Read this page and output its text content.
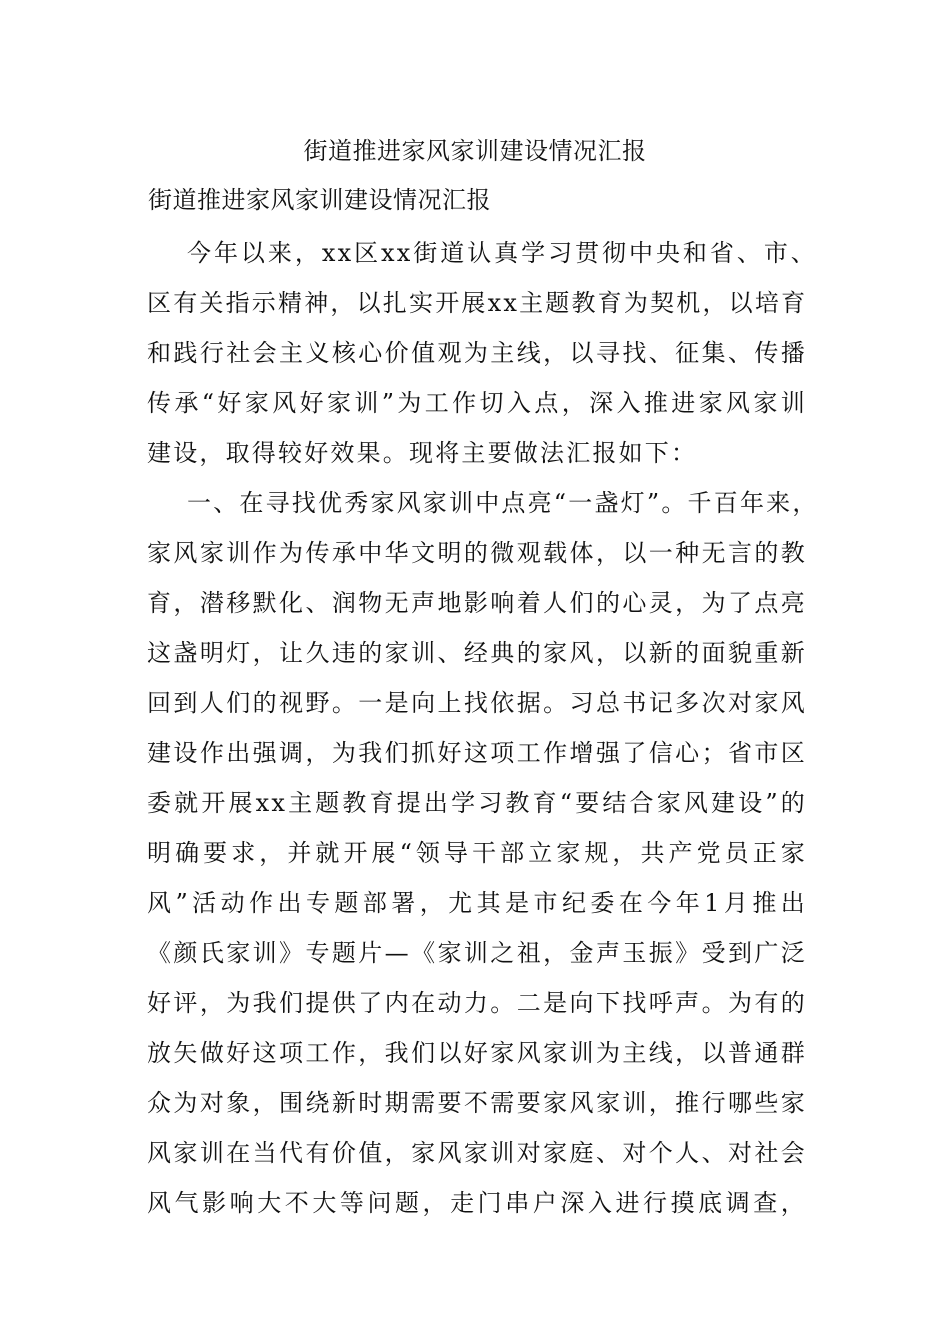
街道推进家风家训建设情况汇报
街道推进家风家训建设情况汇报
今年以来，xx区xx街道认真学习贯彻中央和省、市、
区有关指示精神，以扎实开展xx主题教育为契机，以培育
和践行社会主义核心价值观为主线，以寻找、征集、传播
传承“好家风好家训”为工作切入点，深入推进家风家训
建设，取得较好效果。现将主要做法汇报如下：
一、在寻找优秀家风家训中点亮“一盏灯”。千百年来，
家风家训作为传承中华文明的微观载体，以一种无言的教
育，潜移默化、润物无声地影响着人们的心灵，为了点亮
这盏明灯，让久违的家训、经典的家风，以新的面貌重新
回到人们的视野。一是向上找依据。习总书记多次对家风
建设作出强调，为我们抓好这项工作增强了信心；省市区
委就开展xx主题教育提出学习教育“要结合家风建设”的
明确要求，并就开展“领导干部立家规，共产党员正家
风”活动作出专题部署，尤其是市纪委在今年1月推出
《颜氏家训》专题片—《家训之祖，金声玉振》受到广泛
好评，为我们提供了内在动力。二是向下找呼声。为有的
放矢做好这项工作，我们以好家风家训为主线，以普通群
众为对象，围绕新时期需要不需要家风家训，推行哪些家
风家训在当代有价值，家风家训对家庭、对个人、对社会
风气影响大不大等问题，走门串户深入进行摸底调查，
